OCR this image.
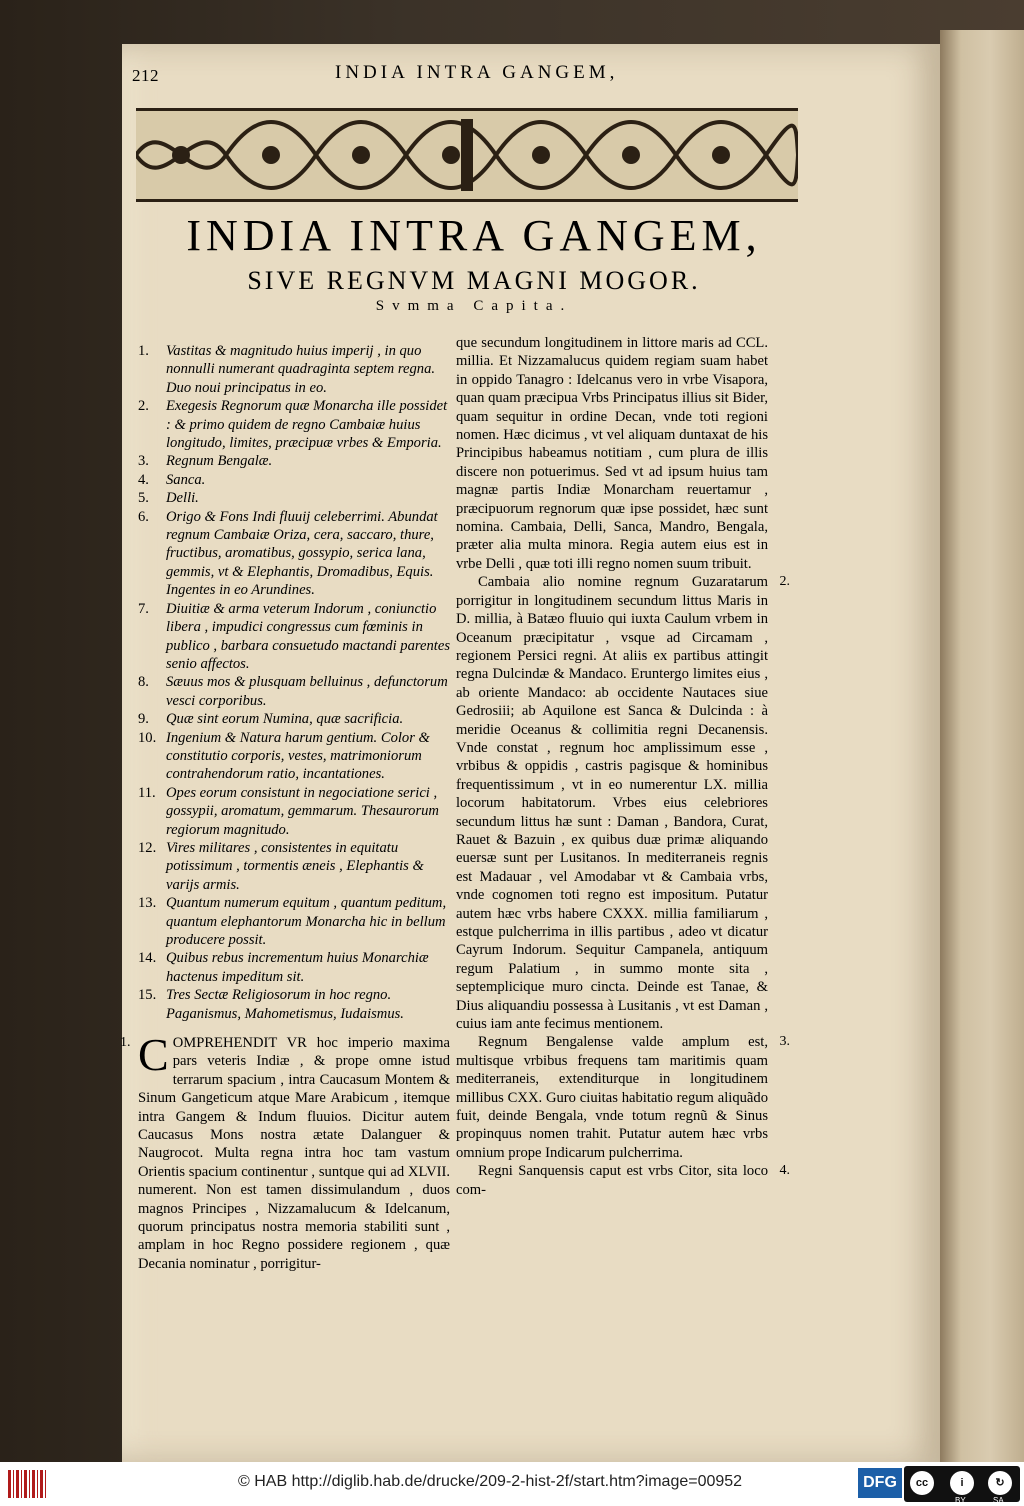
212	INDIA INTRA GANGEM,
INDIA INTRA GANGEM,
SIVE REGNVM MAGNI MOGOR.
Svmma Capita.
1.	Vastitas & magnitudo huius imperij , in quo nonnulli numerant quadraginta septem regna. Duo noui principatus in eo.
2.	Exegesis Regnorum quæ Monarcha ille possidet : & primo quidem de regno Cambaiæ huius longitudo, limites, præcipuæ vrbes & Emporia.
3.	Regnum Bengalæ.
4.	Sanca.
5.	Delli.
6.	Origo & Fons Indi fluuij celeberrimi. Abundat regnum Cambaiæ Oriza, cera, saccaro, thure, fructibus, aromatibus, gossypio, serica lana, gemmis, vt & Elephantis, Dromadibus, Equis. Ingentes in eo Arundines.
7.	Diuitiæ & arma veterum Indorum , coniunctio libera , impudici congressus cum fœminis in publico , barbara consuetudo mactandi parentes senio affectos.
8.	Sæuus mos & plusquam belluinus , defunctorum vesci corporibus.
9.	Quæ sint eorum Numina, quæ sacrificia.
10. Ingenium & Natura harum gentium. Color & constitutio corporis, vestes, matrimoniorum contrahendorum ratio, incantationes.
11. Opes eorum consistunt in negociatione serici , gossypii, aromatum, gemmarum. Thesaurorum regiorum magnitudo.
12. Vires militares , consistentes in equitatu potissimum , tormentis æneis , Elephantis & varijs armis.
13. Quantum numerum equitum , quantum peditum, quantum elephantorum Monarcha hic in bellum producere possit.
14. Quibus rebus incrementum huius Monarchiæ hactenus impeditum sit.
15. Tres Sectæ Religiosorum in hoc regno. Paganismus, Mahometismus, Iudaismus.
1. COMPREHENDIT VR hoc imperio maxima pars veteris Indiæ , & prope omne istud terrarum spacium , intra Caucasum Montem & Sinum Gangeticum atque Mare Arabicum , itemque intra Gangem & Indum fluuios. Dicitur autem Caucasus Mons nostra ætate Dalanguer & Naugrocot. Multa regna intra hoc tam vastum Orientis spacium continentur , suntque qui ad XLVII. numerent. Non est tamen dissimulandum , duos magnos Principes , Nizzamalucum & Idelcanum, quorum principatus nostra memoria stabiliti sunt , amplam in hoc Regno possidere regionem , quæ Decania nominatur , porrigitur-

que secundum longitudinem in littore maris ad CCL. millia. Et Nizzamalucus quidem regiam suam habet in oppido Tanagro : Idelcanus vero in vrbe Visapora, quan quam præcipua Vrbs Principatus illius sit Bider, quam sequitur in ordine Decan, vnde toti regioni nomen. Hæc dicimus , vt vel aliquam duntaxat de his Principibus habeamus notitiam , cum plura de illis discere non potuerimus. Sed vt ad ipsum huius tam magnæ partis Indiæ Monarcham reuertamur , præcipuorum regnorum quæ ipse possidet, hæc sunt nomina. Cambaia, Delli, Sanca, Mandro, Bengala, præter alia multa minora. Regia autem eius est in vrbe Delli , quæ toti illi regno nomen suum tribuit.

Cambaia alio nomine regnum Guzaratarum porrigitur in longitudinem secundum littus Maris in D. millia, à Batæo fluuio qui iuxta Caulum vrbem in Oceanum præcipitatur , vsque ad Circamam , regionem Persici regni. At aliis ex partibus attingit regna Dulcindæ & Mandaco. Eruntergo limites eius , ab oriente Mandaco: ab occidente Nautaces siue Gedrosiii; ab Aquilone est Sanca & Dulcinda : à meridie Oceanus & collimitia regni Decanensis. Vnde constat , regnum hoc amplissimum esse , vrbibus & oppidis , castris pagisque & hominibus frequentissimum , vt in eo numerentur LX. millia locorum habitatorum. Vrbes eius celebriores secundum littus hæ sunt : Daman , Bandora, Curat, Rauet & Bazuin , ex quibus duæ primæ aliquando euersæ sunt per Lusitanos. In mediterraneis regnis est Madauar , vel Amodabar vt & Cambaia vrbs, vnde cognomen toti regno est impositum. Putatur autem hæc vrbs habere CXXX. millia familiarum , estque pulcherrima in illis partibus , adeo vt dicatur Cayrum Indorum. Sequitur Campanela, antiquum regum Palatium , in summo monte sita , septemplicique muro cincta. Deinde est Tanae, & Dius aliquandiu possessa à Lusitanis , vt est Daman , cuius iam ante fecimus mentionem.
2.

Regnum Bengalense valde amplum est, multisque vrbibus frequens tam maritimis quam mediterraneis, extenditurque in longitudinem millibus CXX. Guro ciuitas habitatio regum aliquãdo fuit, deinde Bengala, vnde totum regnũ & Sinus propinquus nomen trahit. Putatur autem hæc vrbs omnium prope Indicarum pulcherrima.
3.

Regni Sanquensis caput est vrbs Citor, sita loco com-
4.

© HAB http://diglib.hab.de/drucke/209-2-hist-2f/start.htm?image=00952	DFG	cc	i	↻
BY	SA
